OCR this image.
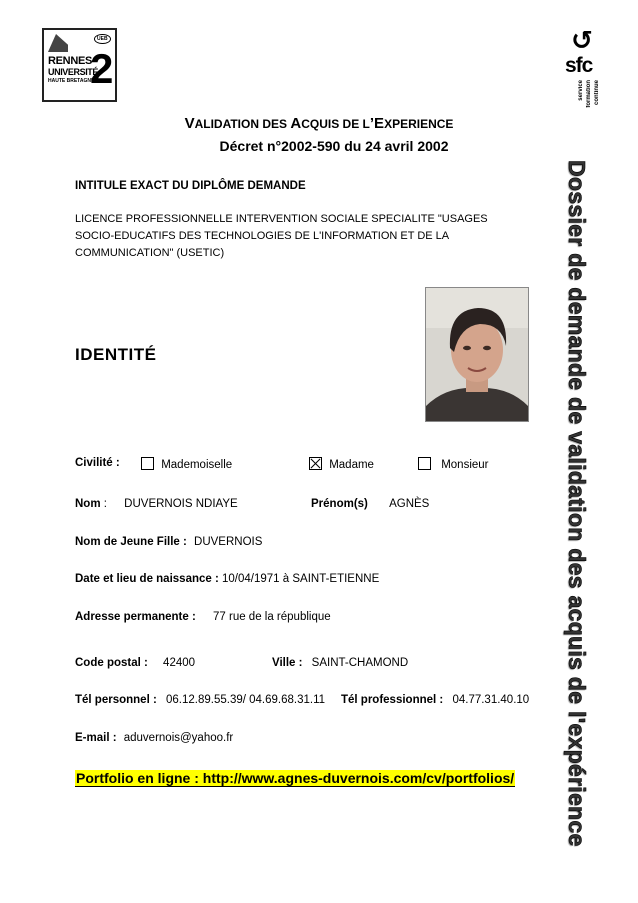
UEB
RENNES
UNIVERSITÉ
HAUTE BRETAGNE
2
↺
sfc
service formation continue
Dossier de demande de validation des acquis de l'expérience
VALIDATION DES ACQUIS DE L’EXPERIENCE
Décret n°2002-590 du 24 avril 2002
INTITULE EXACT DU DIPLÔME DEMANDE
LICENCE PROFESSIONNELLE INTERVENTION SOCIALE SPECIALITE "USAGES SOCIO-EDUCATIFS DES TECHNOLOGIES DE L'INFORMATION ET DE LA COMMUNICATION" (USETIC)
IDENTITÉ
Civilité :	Mademoiselle	Madame	Monsieur
Nom : DUVERNOIS NDIAYE	Prénom(s) AGNÈS
Nom de Jeune Fille : DUVERNOIS
Date et lieu de naissance : 10/04/1971 à SAINT-ETIENNE
Adresse permanente : 77 rue de la république
Code postal : 42400	Ville : SAINT-CHAMOND
Tél personnel : 06.12.89.55.39/ 04.69.68.31.11 Tél professionnel : 04.77.31.40.10
E-mail : aduvernois@yahoo.fr
Portfolio en ligne : http://www.agnes-duvernois.com/cv/portfolios/
